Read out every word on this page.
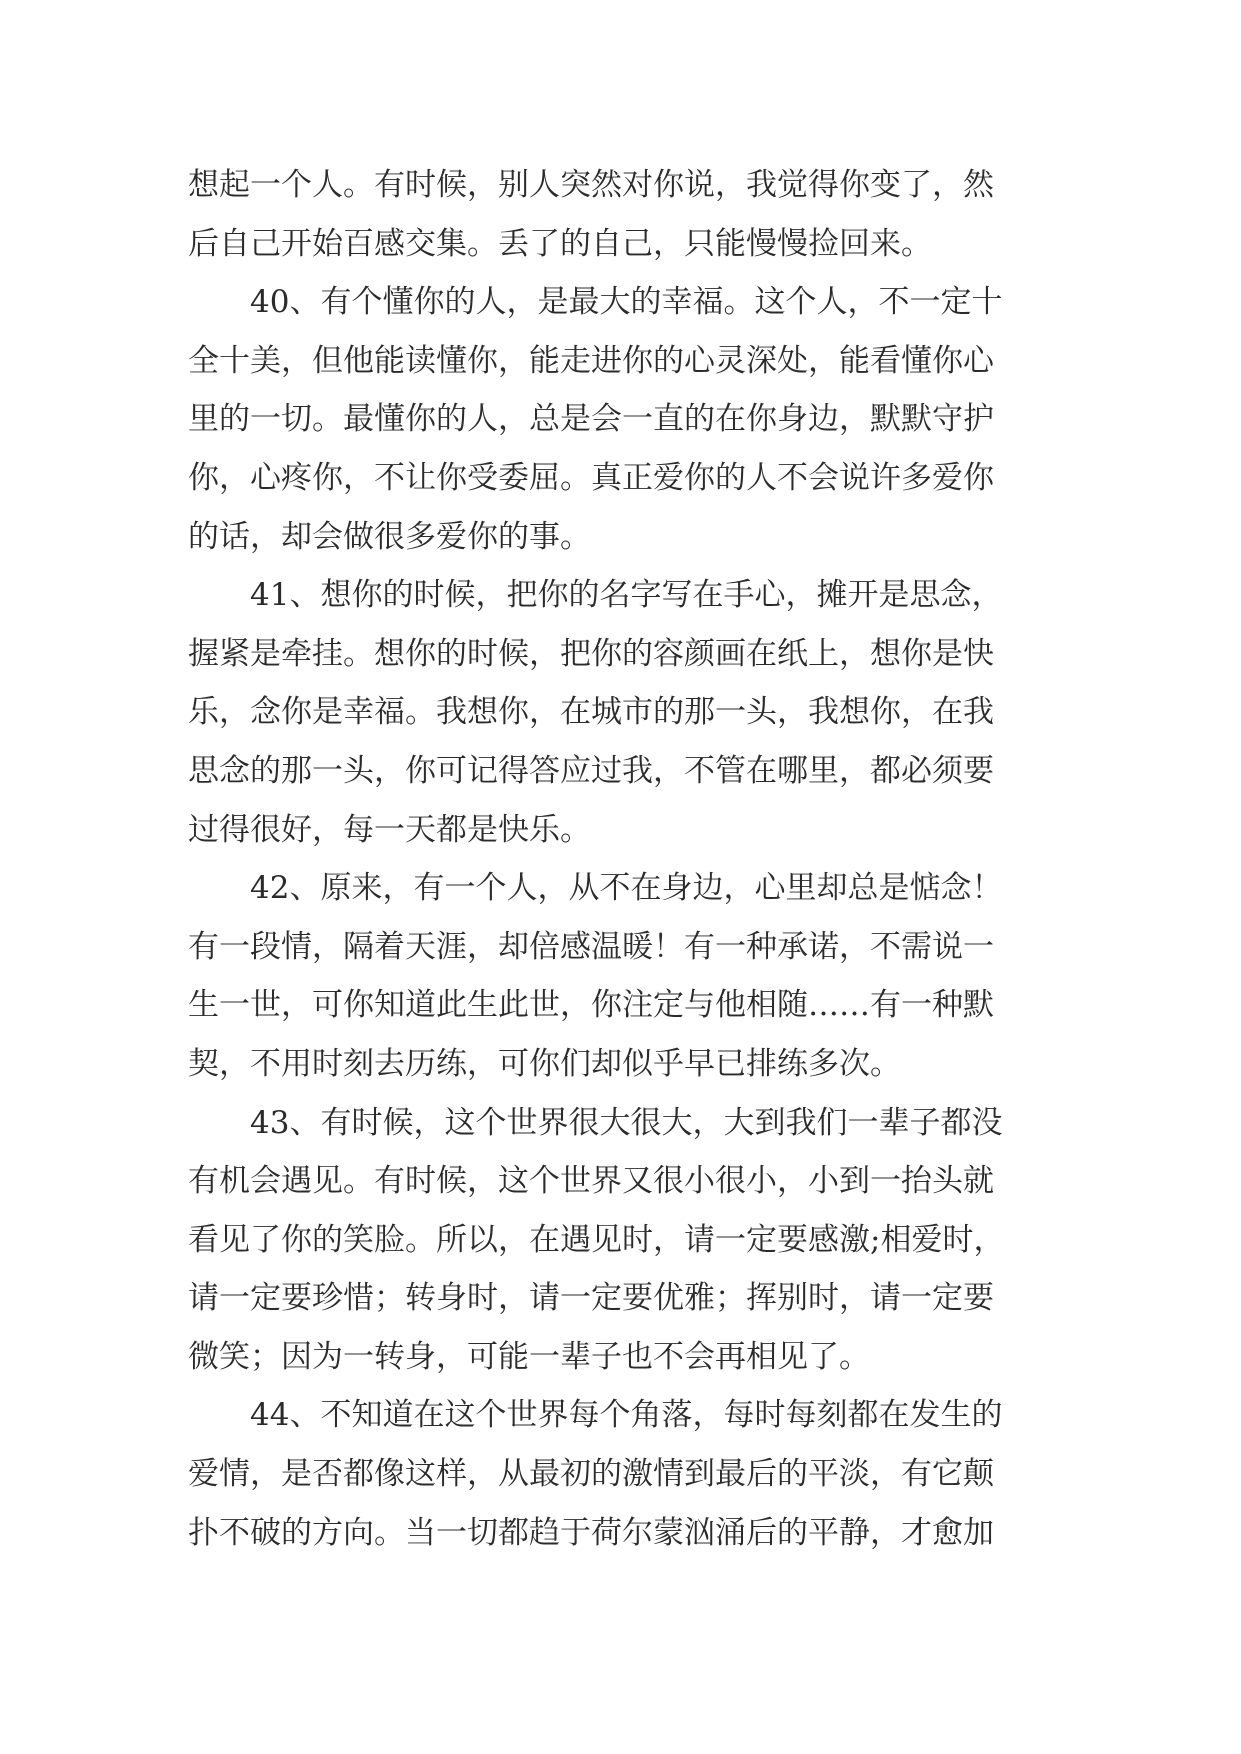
想起一个人。有时候，别人突然对你说，我觉得你变了，然
后自己开始百感交集。丢了的自己，只能慢慢捡回来。
40、有个懂你的人，是最大的幸福。这个人，不一定十
全十美，但他能读懂你，能走进你的心灵深处，能看懂你心
里的一切。最懂你的人，总是会一直的在你身边，默默守护
你，心疼你，不让你受委屈。真正爱你的人不会说许多爱你
的话，却会做很多爱你的事。
41、想你的时候，把你的名字写在手心，摊开是思念，
握紧是牵挂。想你的时候，把你的容颜画在纸上，想你是快
乐，念你是幸福。我想你，在城市的那一头，我想你，在我
思念的那一头，你可记得答应过我，不管在哪里，都必须要
过得很好，每一天都是快乐。
42、原来，有一个人，从不在身边，心里却总是惦念！
有一段情，隔着天涯，却倍感温暖！有一种承诺，不需说一
生一世，可你知道此生此世，你注定与他相随……有一种默
契，不用时刻去历练，可你们却似乎早已排练多次。
43、有时候，这个世界很大很大，大到我们一辈子都没
有机会遇见。有时候，这个世界又很小很小，小到一抬头就
看见了你的笑脸。所以，在遇见时，请一定要感激;相爱时，
请一定要珍惜；转身时，请一定要优雅；挥别时，请一定要
微笑；因为一转身，可能一辈子也不会再相见了。
44、不知道在这个世界每个角落，每时每刻都在发生的
爱情，是否都像这样，从最初的激情到最后的平淡，有它颠
扑不破的方向。当一切都趋于荷尔蒙汹涌后的平静，才愈加
